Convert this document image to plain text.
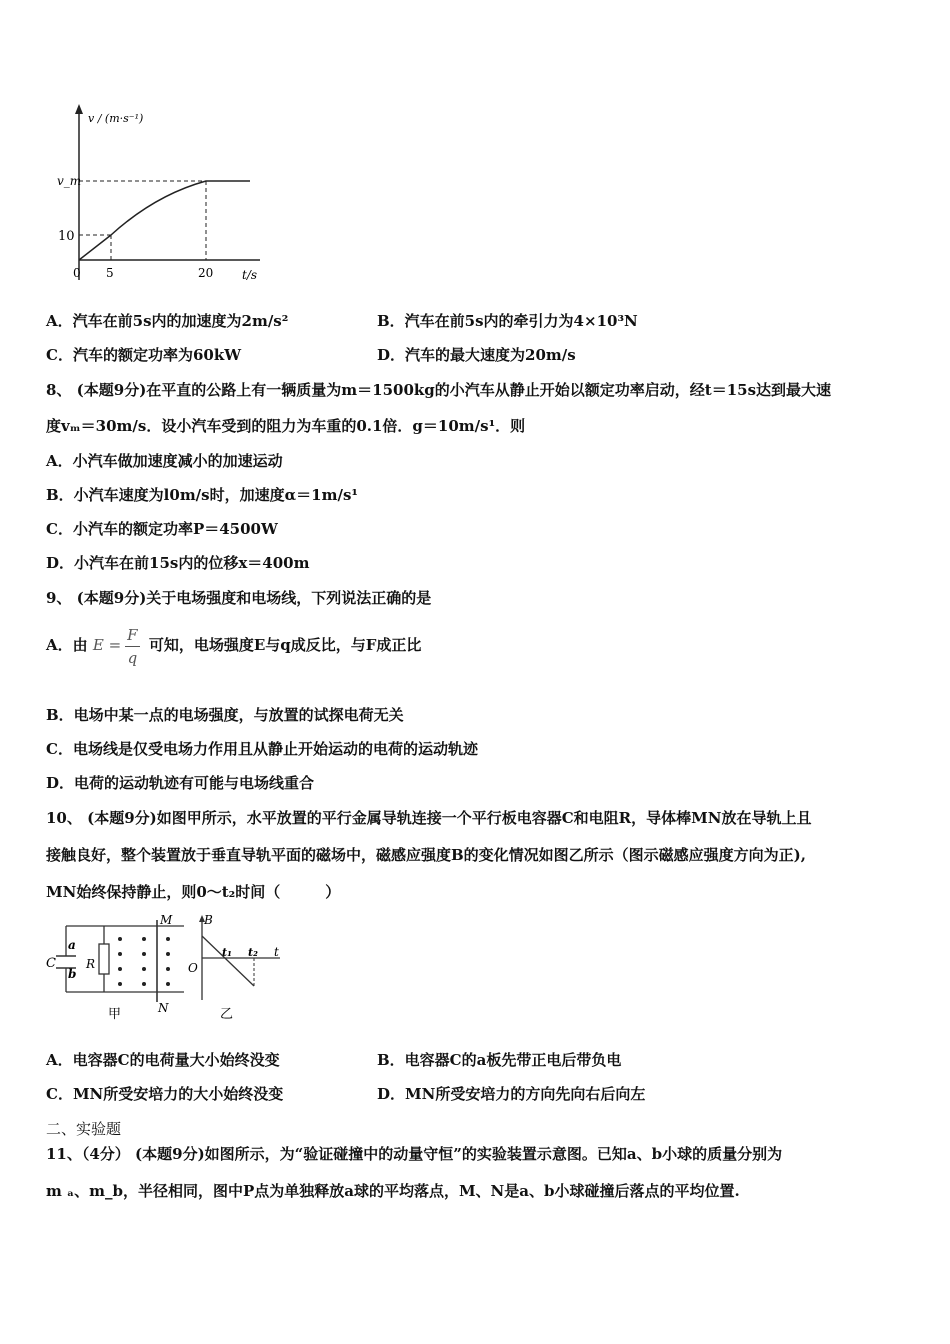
v / (m·s⁻¹)
v_m
10
0 5	20 t/s
A．汽车在前5s内的加速度为2m/s²	B．汽车在前5s内的牵引力为4×10³N
C．汽车的额定功率为60kW	D．汽车的最大速度为20m/s
8、 (本题9分)在平直的公路上有一辆质量为m＝1500kg的小汽车从静止开始以额定功率启动，经t＝15s达到最大速
度vₘ＝30m/s．设小汽车受到的阻力为车重的0.1倍．g＝10m/s¹．则
A．小汽车做加速度减小的加速运动
B．小汽车速度为l0m/s时，加速度α＝1m/s¹
C．小汽车的额定功率P＝4500W
D．小汽车在前15s内的位移x＝400m
9、 (本题9分)关于电场强度和电场线，下列说法正确的是
A．由 $E = \frac{F}{q}$ 可知，电场强度E与q成反比，与F成正比
B．电场中某一点的电场强度，与放置的试探电荷无关
C．电场线是仅受电场力作用且从静止开始运动的电荷的运动轨迹
D．电荷的运动轨迹有可能与电场线重合
10、 (本题9分)如图甲所示，水平放置的平行金属导轨连接一个平行板电容器C和电阻R，导体棒MN放在导轨上且
接触良好，整个装置放于垂直导轨平面的磁场中，磁感应强度B的变化情况如图乙所示（图示磁感应强度方向为正),
MN始终保持静止，则0～t₂时间（　　　）
C
a
b
R
M
N
甲
B
O
t₁ t₂ t
乙
A．电容器C的电荷量大小始终没变	B．电容器C的a板先带正电后带负电
C．MN所受安培力的大小始终没变	D．MN所受安培力的方向先向右后向左
二、实验题
11、（4分） (本题9分)如图所示，为“验证碰撞中的动量守恒”的实验装置示意图。已知a、b小球的质量分别为
m ₐ、m_b，半径相同，图中P点为单独释放a球的平均落点，M、N是a、b小球碰撞后落点的平均位置.
